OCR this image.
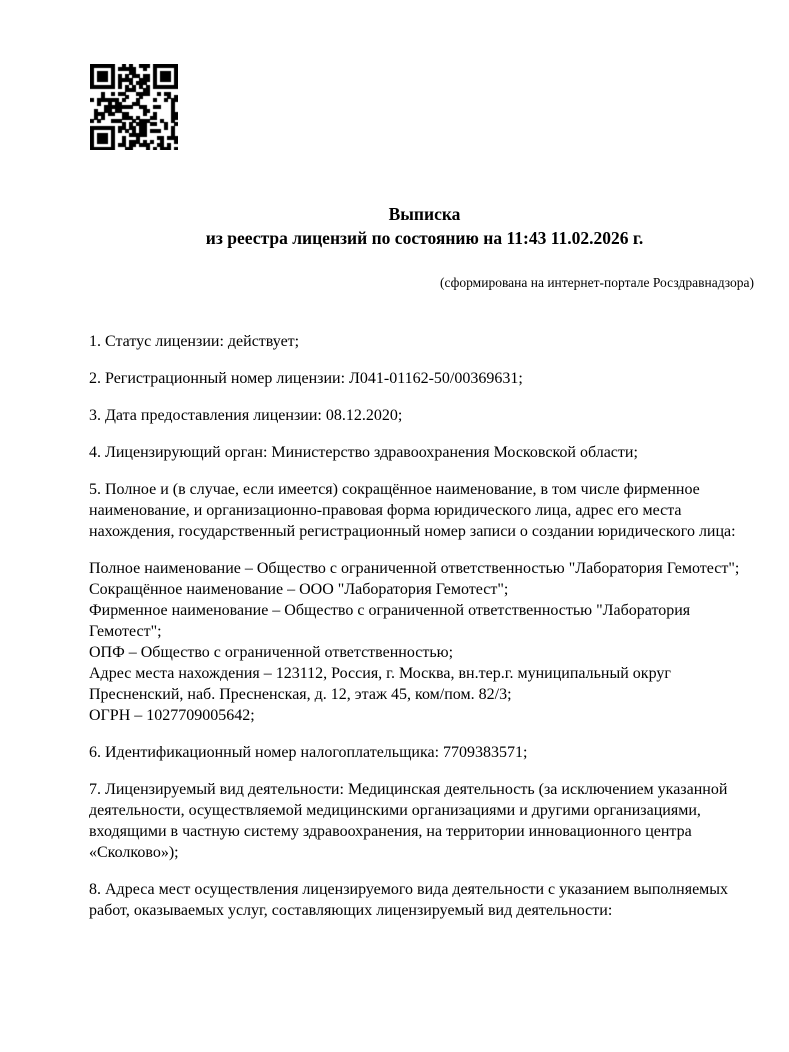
Выписка
из реестра лицензий по состоянию на 11:43 11.02.2026 г.
(сформирована на интернет-портале Росздравнадзора)

1. Статус лицензии: действует;

2. Регистрационный номер лицензии: Л041-01162-50/00369631;

3. Дата предоставления лицензии: 08.12.2020;

4. Лицензирующий орган: Министерство здравоохранения Московской области;

5. Полное и (в случае, если имеется) сокращённое наименование, в том числе фирменное наименование, и организационно-правовая форма юридического лица, адрес его места нахождения, государственный регистрационный номер записи о создании юридического лица:

Полное наименование – Общество с ограниченной ответственностью "Лаборатория Гемотест";
Сокращённое наименование – ООО "Лаборатория Гемотест";
Фирменное наименование – Общество с ограниченной ответственностью "Лаборатория Гемотест";
ОПФ – Общество с ограниченной ответственностью;
Адрес места нахождения – 123112, Россия, г. Москва, вн.тер.г. муниципальный округ Пресненский, наб. Пресненская, д. 12, этаж 45, ком/пом. 82/3;
ОГРН – 1027709005642;

6. Идентификационный номер налогоплательщика: 7709383571;

7. Лицензируемый вид деятельности: Медицинская деятельность (за исключением указанной деятельности, осуществляемой медицинскими организациями и другими организациями, входящими в частную систему здравоохранения, на территории инновационного центра «Сколково»);

8. Адреса мест осуществления лицензируемого вида деятельности с указанием выполняемых работ, оказываемых услуг, составляющих лицензируемый вид деятельности:
